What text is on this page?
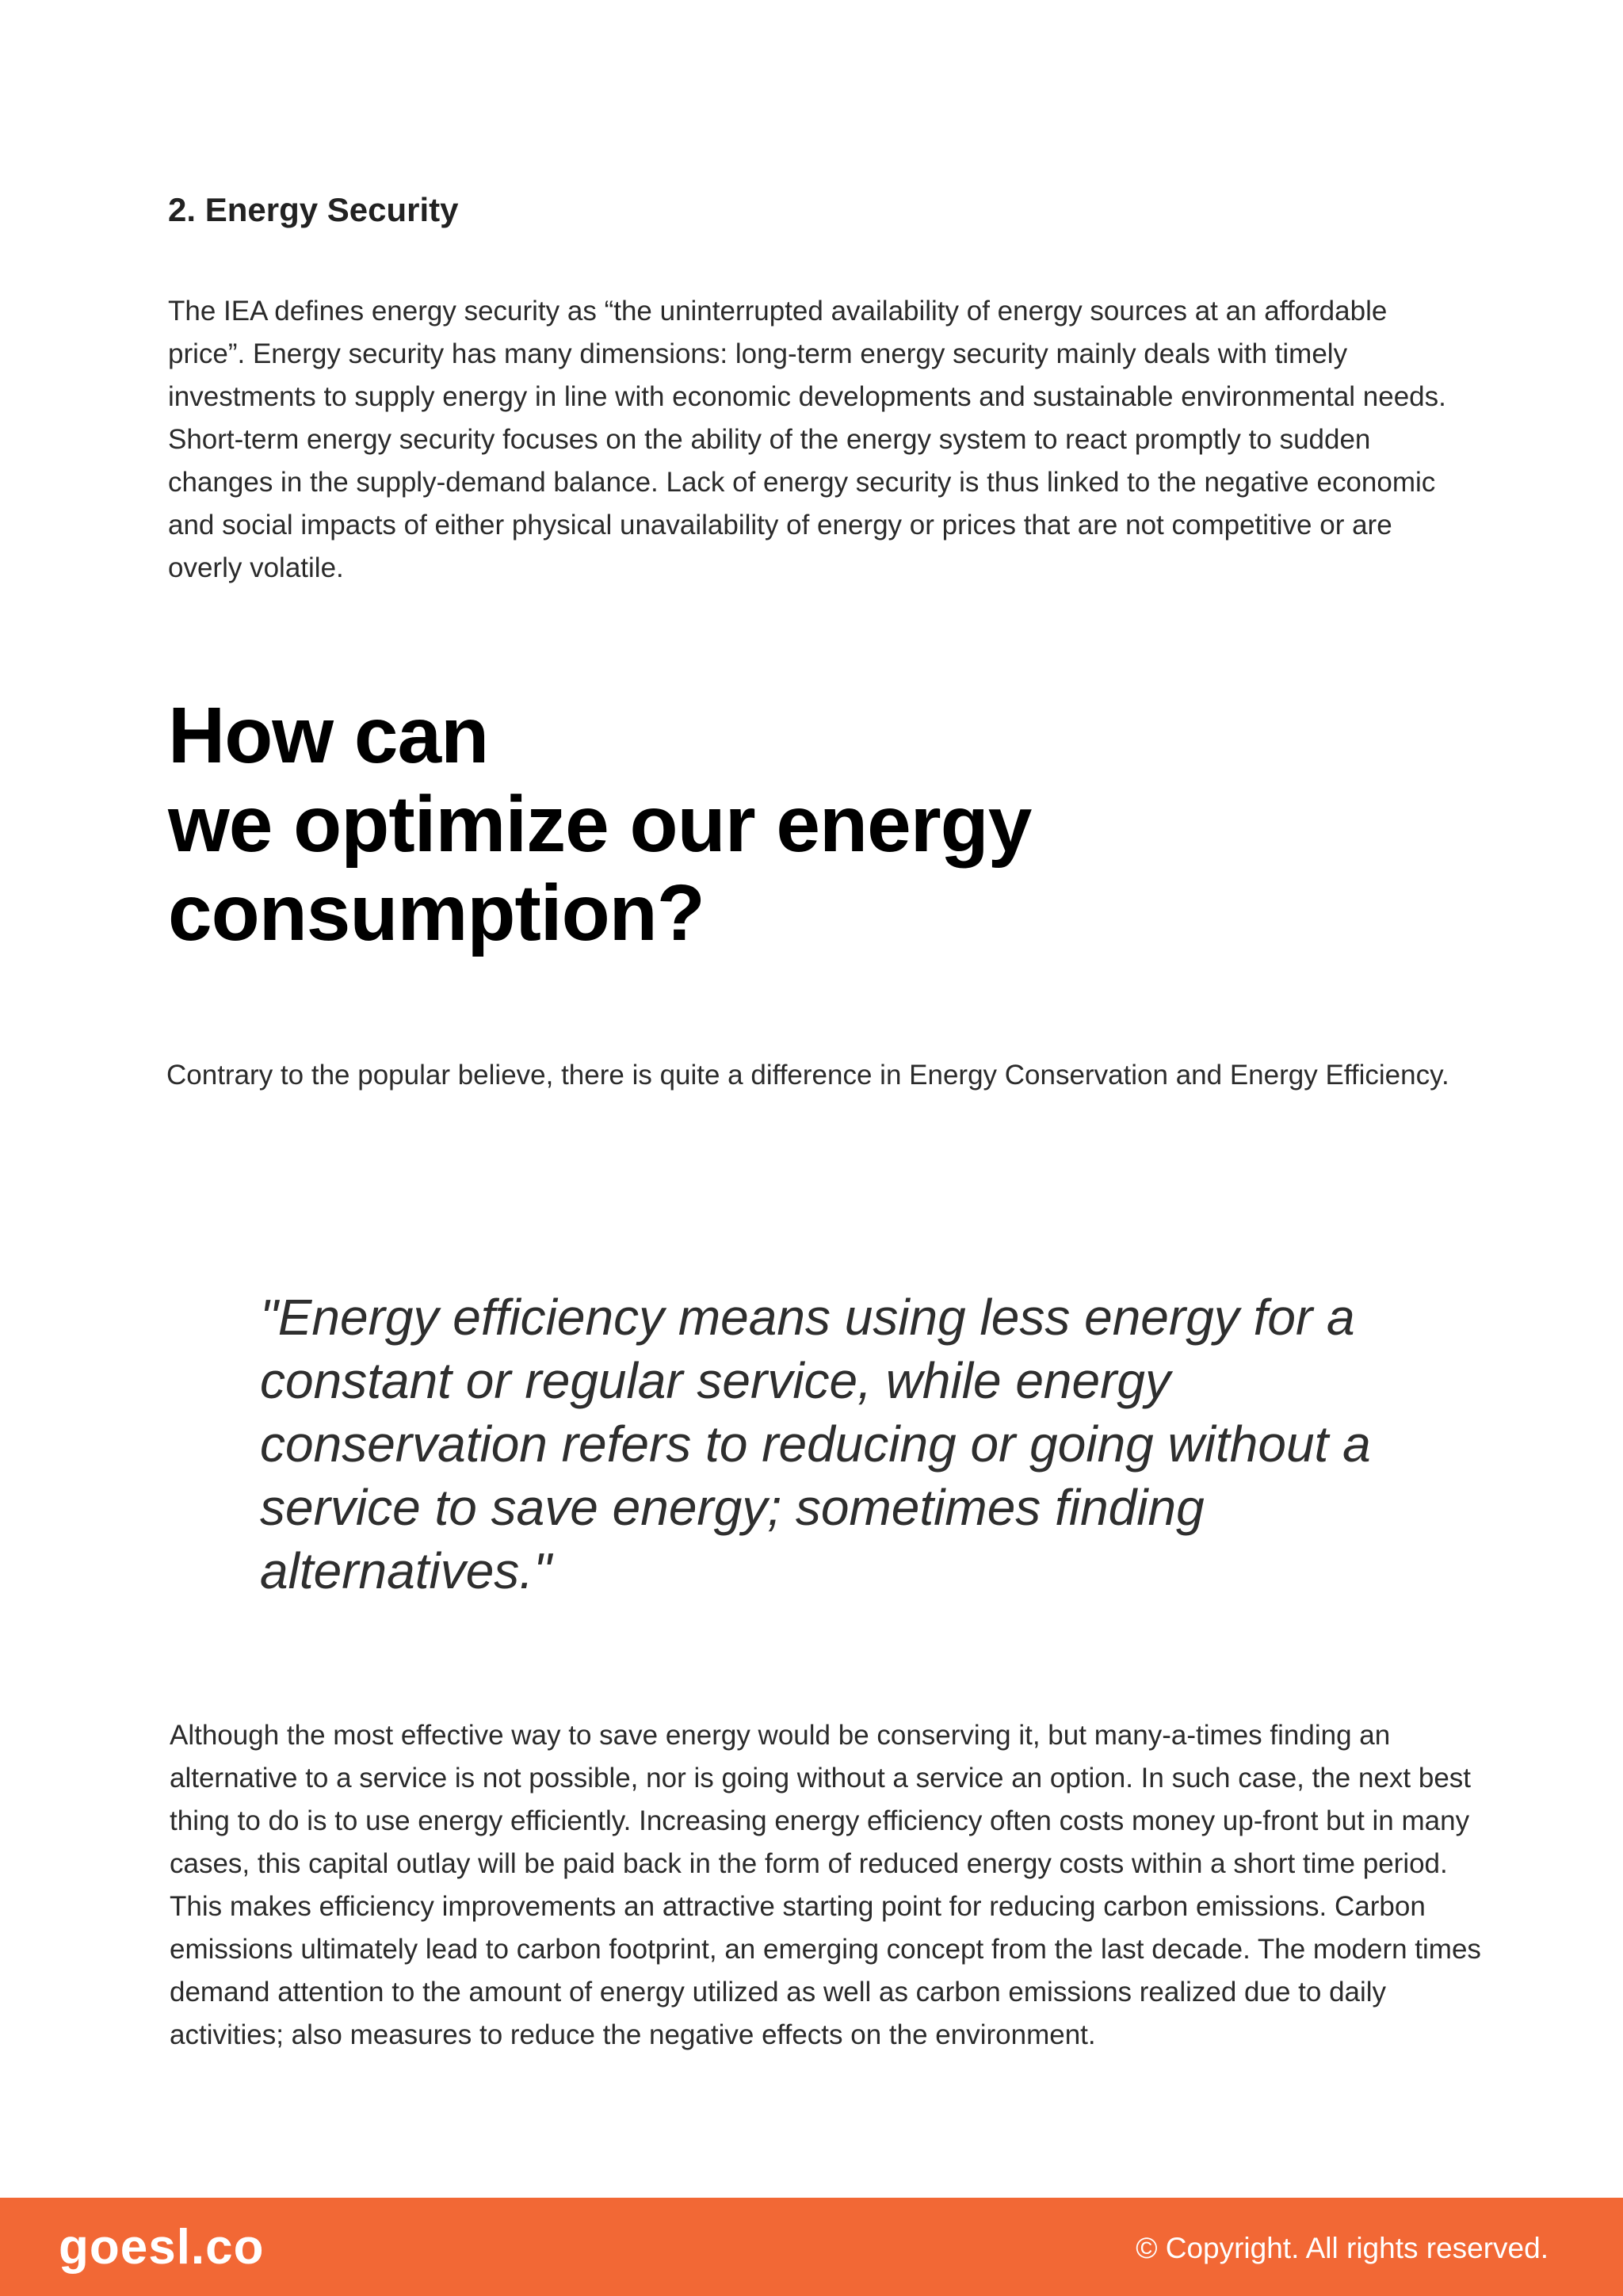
2. Energy Security

The IEA defines energy security as “the uninterrupted availability of energy sources at an affordable price”. Energy security has many dimensions: long-term energy security mainly deals with timely investments to supply energy in line with economic developments and sustainable environmental needs. Short-term energy security focuses on the ability of the energy system to react promptly to sudden changes in the supply-demand balance. Lack of energy security is thus linked to the negative economic and social impacts of either physical unavailability of energy or prices that are not competitive or are overly volatile.

How can
we optimize our energy
consumption?

Contrary to the popular believe, there is quite a difference in Energy Conservation and Energy Efficiency.

"Energy efficiency means using less energy for a constant or regular service, while energy conservation refers to reducing or going without a service to save energy; sometimes finding alternatives."

Although the most effective way to save energy would be conserving it, but many-a-times finding an alternative to a service is not possible, nor is going without a service an option. In such case, the next best thing to do is to use energy efficiently. Increasing energy efficiency often costs money up-front but in many cases, this capital outlay will be paid back in the form of reduced energy costs within a short time period. This makes efficiency improvements an attractive starting point for reducing carbon emissions. Carbon emissions ultimately lead to carbon footprint, an emerging concept from the last decade. The modern times demand attention to the amount of energy utilized as well as carbon emissions realized due to daily activities; also measures to reduce the negative effects on the environment.

goesl.co	© Copyright. All rights reserved.
